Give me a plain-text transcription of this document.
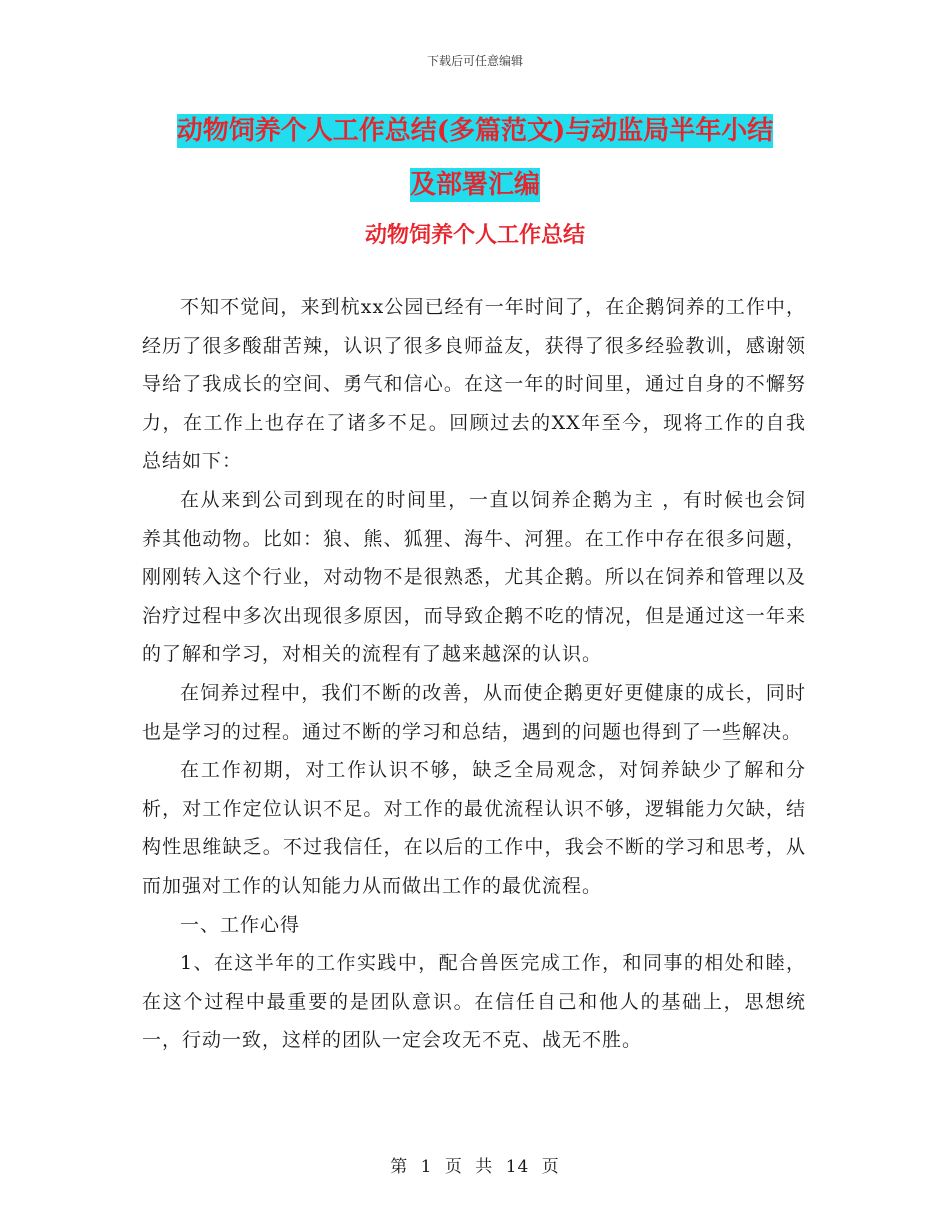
下载后可任意编辑
动物饲养个人工作总结(多篇范文)与动监局半年小结
及部署汇编
动物饲养个人工作总结

不知不觉间，来到杭xx公园已经有一年时间了，在企鹅饲养的工作中，经历了很多酸甜苦辣，认识了很多良师益友，获得了很多经验教训，感谢领导给了我成长的空间、勇气和信心。在这一年的时间里，通过自身的不懈努力，在工作上也存在了诸多不足。回顾过去的XX年至今，现将工作的自我总结如下：

在从来到公司到现在的时间里，一直以饲养企鹅为主 ，有时候也会饲养其他动物。比如：狼、熊、狐狸、海牛、河狸。在工作中存在很多问题，刚刚转入这个行业，对动物不是很熟悉，尤其企鹅。所以在饲养和管理以及治疗过程中多次出现很多原因，而导致企鹅不吃的情况，但是通过这一年来的了解和学习，对相关的流程有了越来越深的认识。

在饲养过程中，我们不断的改善，从而使企鹅更好更健康的成长，同时也是学习的过程。通过不断的学习和总结，遇到的问题也得到了一些解决。

在工作初期，对工作认识不够，缺乏全局观念，对饲养缺少了解和分析，对工作定位认识不足。对工作的最优流程认识不够，逻辑能力欠缺，结构性思维缺乏。不过我信任，在以后的工作中，我会不断的学习和思考，从而加强对工作的认知能力从而做出工作的最优流程。

一、工作心得

1、在这半年的工作实践中，配合兽医完成工作，和同事的相处和睦，在这个过程中最重要的是团队意识。在信任自己和他人的基础上，思想统一，行动一致，这样的团队一定会攻无不克、战无不胜。

第 1 页 共 14 页
